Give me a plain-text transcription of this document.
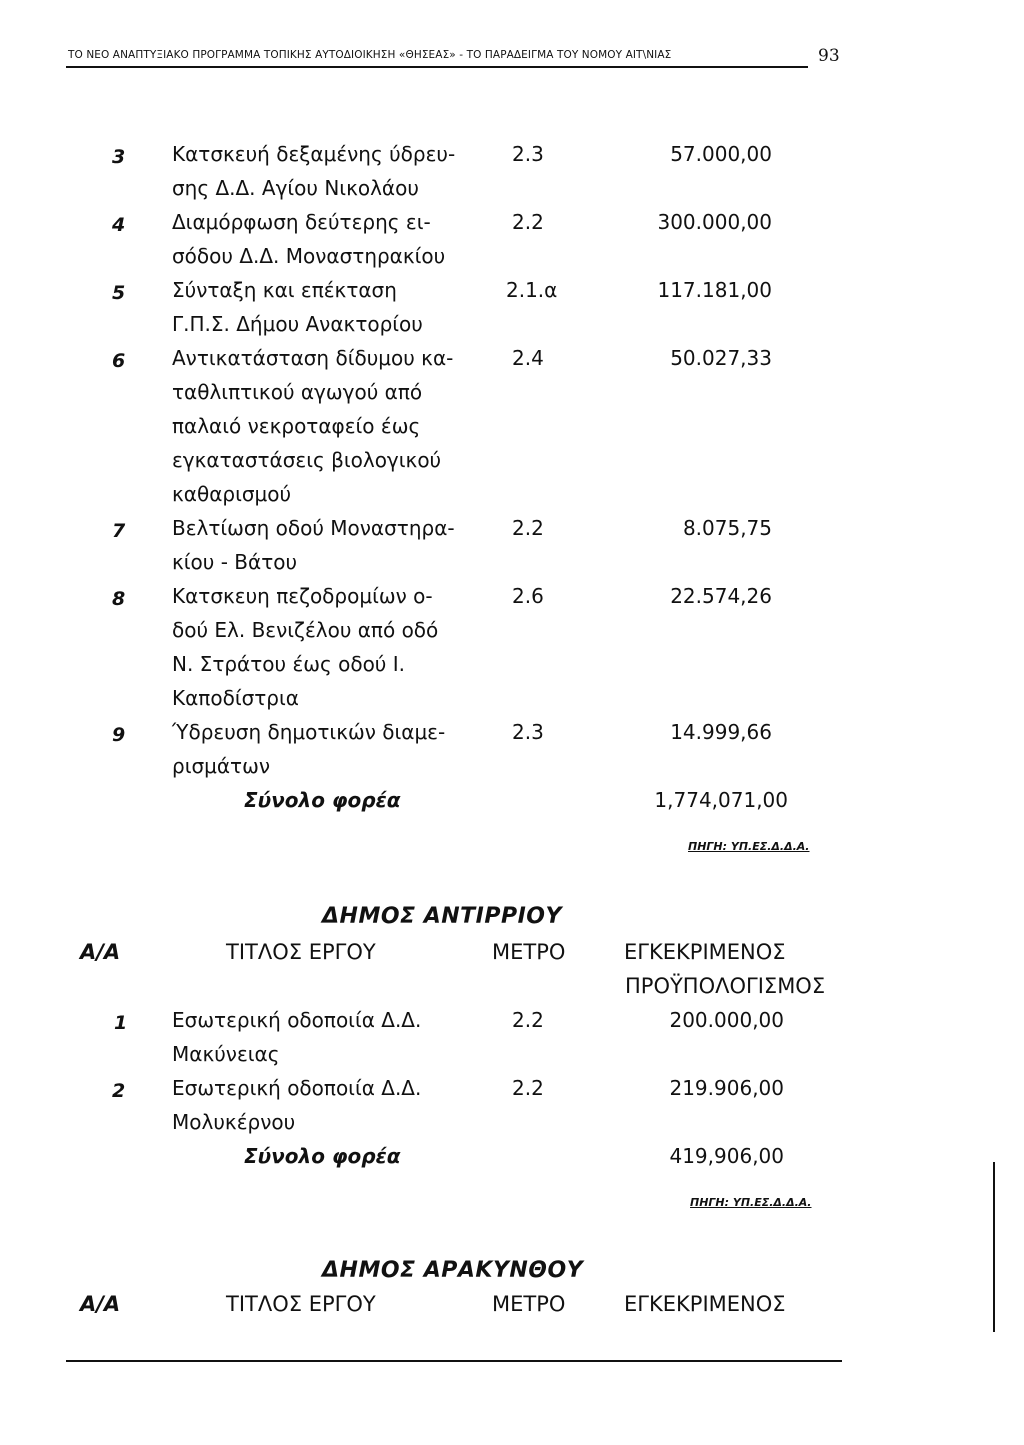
ΤΟ ΝΕΟ ΑΝΑΠΤΥΞΙΑΚΟ ΠΡΟΓΡΑΜΜΑ ΤΟΠΙΚΗΣ ΑΥΤΟΔΙΟΙΚΗΣΗ «ΘΗΣΕΑΣ» - ΤΟ ΠΑΡΑΔΕΙΓΜΑ ΤΟΥ ΝΟΜΟΥ ΑΙΤ\ΝΙΑΣ	93
3 Κατσκευή δεξαμένης ύδρευ-
σης Δ.Δ. Αγίου Νικολάου
2.3	57.000,00
4 Διαμόρφωση δεύτερης ει-
σόδου Δ.Δ. Μοναστηρακίου
2.2	300.000,00
5 Σύνταξη και επέκταση
Γ.Π.Σ. Δήμου Ανακτορίου
2.1.α	117.181,00
6 Αντικατάσταση δίδυμου κα-
ταθλιπτικού αγωγού από
παλαιό νεκροταφείο έως
εγκαταστάσεις βιολογικού
καθαρισμού
2.4	50.027,33
7 Βελτίωση οδού Μοναστηρα-
κίου - Βάτου
2.2	8.075,75
8 Κατσκευη πεζοδρομίων ο-
δού Ελ. Βενιζέλου από οδό
Ν. Στράτου έως οδού Ι.
Καποδίστρια
2.6	22.574,26
9 Ύδρευση δημοτικών διαμε-
ρισμάτων
2.3	14.999,66
Σύνολο φορέα	1,774,071,00
ΠΗΓΗ: ΥΠ.ΕΣ.Δ.Δ.Α.
ΔΗΜΟΣ ΑΝΤΙΡΡΙΟΥ
Α/Α	ΤΙΤΛΟΣ ΕΡΓΟΥ	ΜΕΤΡΟ	ΕΓΚΕΚΡΙΜΕΝΟΣ
ΠΡΟΫΠΟΛΟΓΙΣΜΟΣ
1 Εσωτερική οδοποιία Δ.Δ.
Μακύνειας
2.2	200.000,00
2 Εσωτερική οδοποιία Δ.Δ.
Μολυκέρνου
2.2	219.906,00
Σύνολο φορέα	419,906,00
ΠΗΓΗ: ΥΠ.ΕΣ.Δ.Δ.Α.
ΔΗΜΟΣ ΑΡΑΚΥΝΘΟΥ
Α/Α	ΤΙΤΛΟΣ ΕΡΓΟΥ	ΜΕΤΡΟ	ΕΓΚΕΚΡΙΜΕΝΟΣ
